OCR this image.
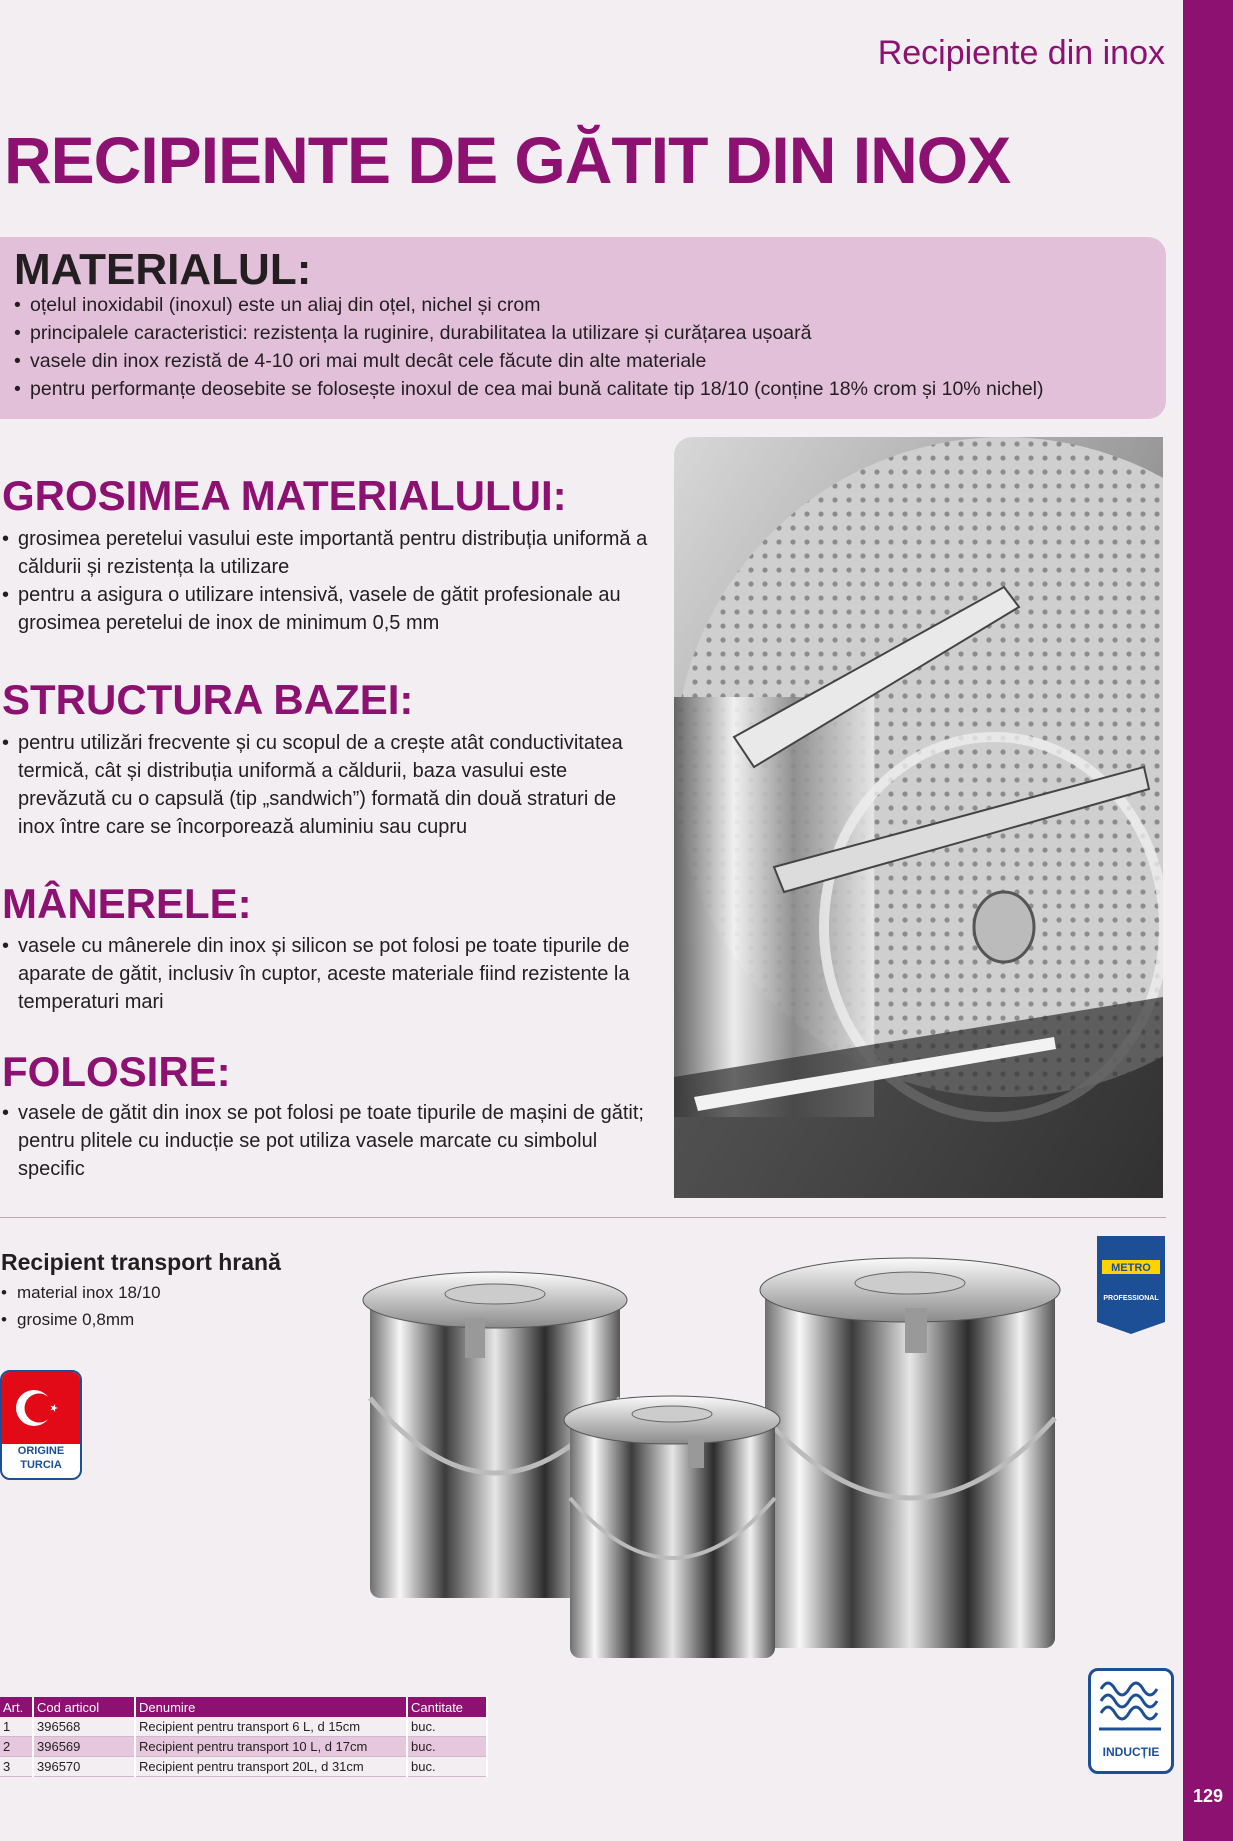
129
Recipiente din inox
RECIPIENTE DE GĂTIT DIN INOX
MATERIALUL:
• oțelul inoxidabil (inoxul) este un aliaj din oțel, nichel și crom
• principalele caracteristici: rezistența la ruginire, durabilitatea la utilizare și curățarea ușoară
• vasele din inox rezistă de 4-10 ori mai mult decât cele făcute din alte materiale
• pentru performanțe deosebite se folosește inoxul de cea mai bună calitate tip 18/10 (conține 18% crom și 10% nichel)
GROSIMEA MATERIALULUI:
• grosimea peretelui vasului este importantă pentru distribuția uniformă a căldurii și rezistența la utilizare
• pentru a asigura o utilizare intensivă, vasele de gătit profesionale au grosimea peretelui de inox de minimum 0,5 mm
STRUCTURA BAZEI:
• pentru utilizări frecvente și cu scopul de a crește atât conductivitatea termică, cât și distribuția uniformă a căldurii, baza vasului este prevăzută cu o capsulă (tip „sandwich”) formată din două straturi de inox între care se încorporează aluminiu sau cupru
MÂNERELE:
• vasele cu mânerele din inox și silicon se pot folosi pe toate tipurile de aparate de gătit, inclusiv în cuptor, aceste materiale fiind rezistente la temperaturi mari
FOLOSIRE:
• vasele de gătit din inox se pot folosi pe toate tipurile de mașini de gătit; pentru plitele cu inducție se pot utiliza vasele marcate cu simbolul specific
Recipient transport hrană
• material inox 18/10
• grosime 0,8mm
ORIGINE
TURCIA
METRO
PROFESSIONAL
INDUCȚIE
Art.	Cod articol	Denumire	Cantitate
1	396568	Recipient pentru transport 6 L, d 15cm	buc.
2	396569	Recipient pentru transport 10 L, d 17cm	buc.
3	396570	Recipient pentru transport 20L, d 31cm	buc.
